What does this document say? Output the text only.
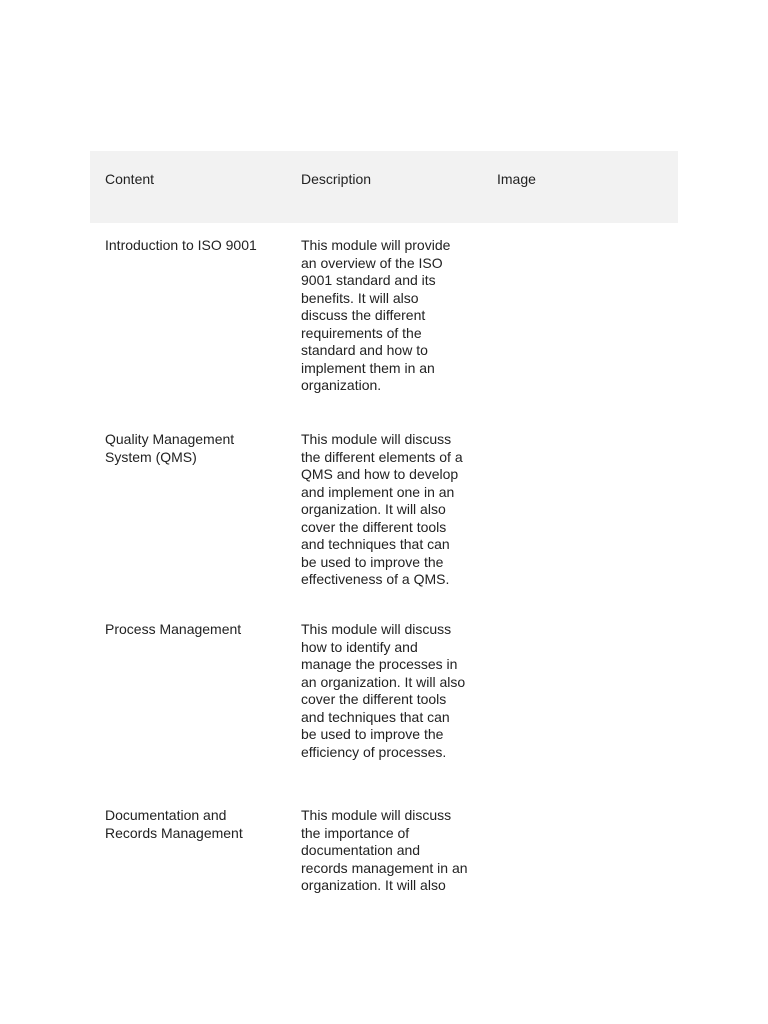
Content	Description	Image
Introduction to ISO 9001	This module will provide an overview of the ISO 9001 standard and its benefits. It will also discuss the different requirements of the standard and how to implement them in an organization.	

Quality Management System (QMS)	This module will discuss the different elements of a QMS and how to develop and implement one in an organization. It will also cover the different tools and techniques that can be used to improve the effectiveness of a QMS.	

Process Management	This module will discuss how to identify and manage the processes in an organization. It will also cover the different tools and techniques that can be used to improve the efficiency of processes.	

Documentation and Records Management	This module will discuss the importance of documentation and records management in an organization. It will also	
